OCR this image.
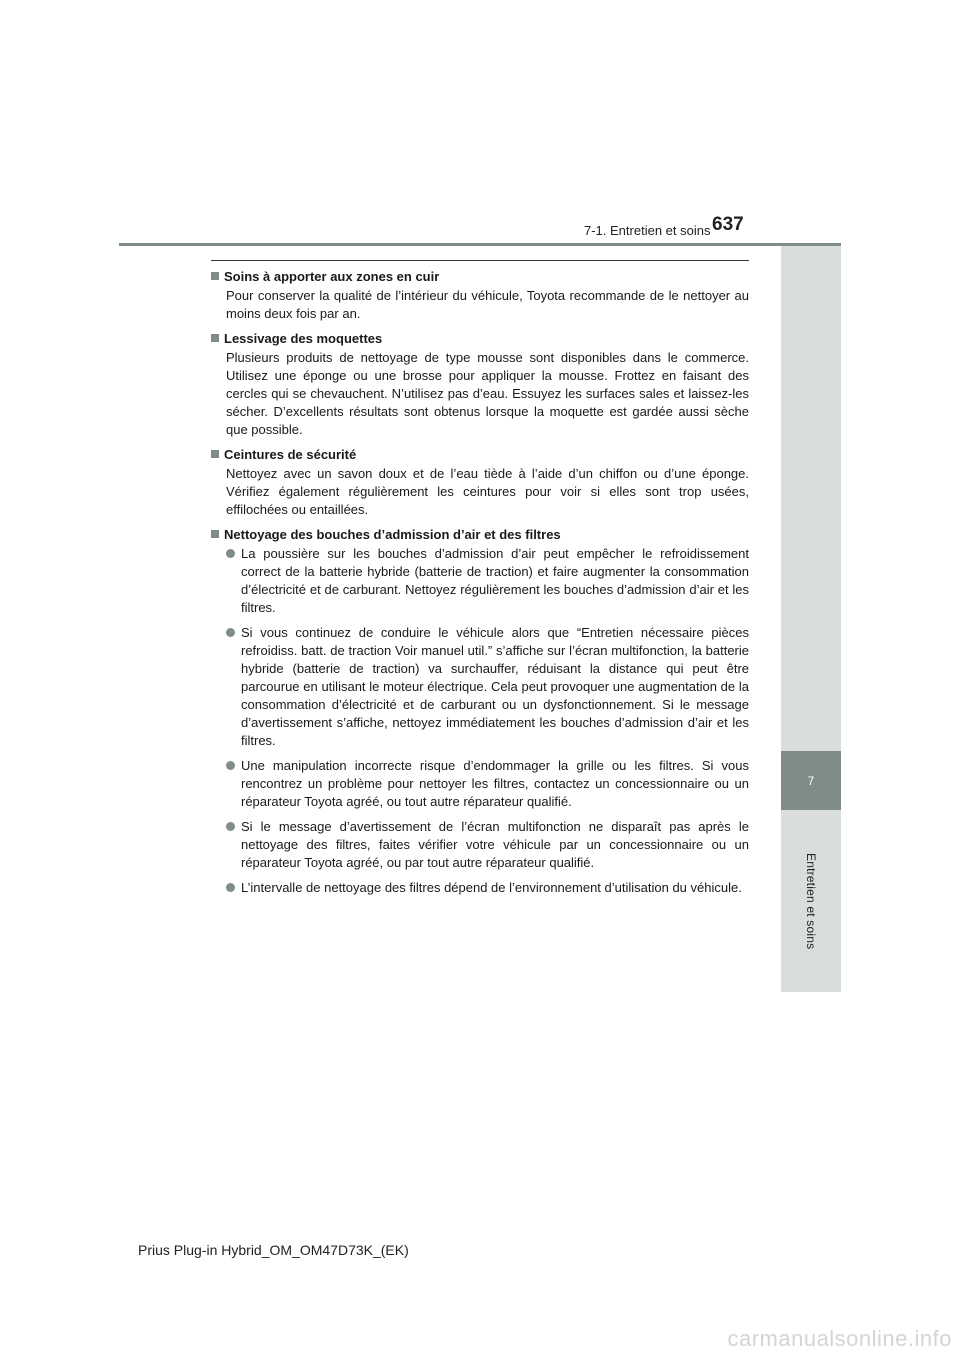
7-1. Entretien et soins 637
7
Entretien et soins
Soins à apporter aux zones en cuir
Pour conserver la qualité de l’intérieur du véhicule, Toyota recommande de le nettoyer au moins deux fois par an.
Lessivage des moquettes
Plusieurs produits de nettoyage de type mousse sont disponibles dans le commerce. Utilisez une éponge ou une brosse pour appliquer la mousse. Frottez en faisant des cercles qui se chevauchent. N’utilisez pas d’eau. Essuyez les surfaces sales et laissez-les sécher. D’excellents résultats sont obtenus lorsque la moquette est gardée aussi sèche que possible.
Ceintures de sécurité
Nettoyez avec un savon doux et de l’eau tiède à l’aide d’un chiffon ou d’une éponge. Vérifiez également régulièrement les ceintures pour voir si elles sont trop usées, effilochées ou entaillées.
Nettoyage des bouches d’admission d’air et des filtres
La poussière sur les bouches d’admission d’air peut empêcher le refroidissement correct de la batterie hybride (batterie de traction) et faire augmenter la consommation d’électricité et de carburant. Nettoyez régulièrement les bouches d’admission d’air et les filtres.
Si vous continuez de conduire le véhicule alors que “Entretien nécessaire pièces refroidiss. batt. de traction Voir manuel util.” s’affiche sur l’écran multifonction, la batterie hybride (batterie de traction) va surchauffer, réduisant la distance qui peut être parcourue en utilisant le moteur électrique. Cela peut provoquer une augmentation de la consommation d’électricité et de carburant ou un dysfonctionnement. Si le message d’avertissement s’affiche, nettoyez immédiatement les bouches d’admission d’air et les filtres.
Une manipulation incorrecte risque d’endommager la grille ou les filtres. Si vous rencontrez un problème pour nettoyer les filtres, contactez un concessionnaire ou un réparateur Toyota agréé, ou tout autre réparateur qualifié.
Si le message d’avertissement de l’écran multifonction ne disparaît pas après le nettoyage des filtres, faites vérifier votre véhicule par un concessionnaire ou un réparateur Toyota agréé, ou par tout autre réparateur qualifié.
L’intervalle de nettoyage des filtres dépend de l’environnement d’utilisation du véhicule.
Prius Plug-in Hybrid_OM_OM47D73K_(EK)
carmanualsonline.info
